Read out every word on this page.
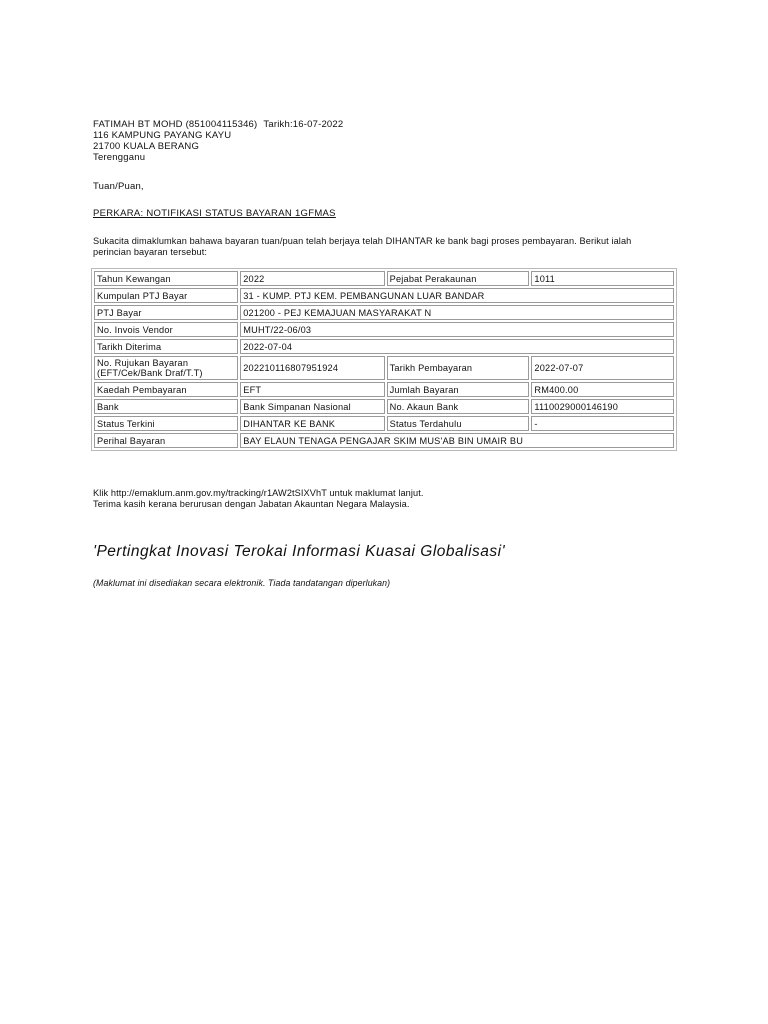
FATIMAH BT MOHD (851004115346) Tarikh:16-07-2022
116 KAMPUNG PAYANG KAYU
21700 KUALA BERANG
Terengganu
Tuan/Puan,
PERKARA: NOTIFIKASI STATUS BAYARAN 1GFMAS
Sukacita dimaklumkan bahawa bayaran tuan/puan telah berjaya telah DIHANTAR ke bank bagi proses pembayaran. Berikut ialah
perincian bayaran tersebut:
Tahun Kewangan	2022	Pejabat Perakaunan	1011
Kumpulan PTJ Bayar	31 - KUMP. PTJ KEM. PEMBANGUNAN LUAR BANDAR		
PTJ Bayar	021200 - PEJ KEMAJUAN MASYARAKAT N		
No. Invois Vendor	MUHT/22-06/03		
Tarikh Diterima	2022-07-04		

No. Rujukan Bayaran
(EFT/Cek/Bank Draf/T.T)	202210116807951924	Tarikh Pembayaran	2022-07-07
Kaedah Pembayaran	EFT	Jumlah Bayaran	RM400.00
Bank	Bank Simpanan Nasional	No. Akaun Bank	1110029000146190
Status Terkini	DIHANTAR KE BANK	Status Terdahulu	-
Perihal Bayaran	BAY ELAUN TENAGA PENGAJAR SKIM MUS'AB BIN UMAIR BU		
Klik http://emaklum.anm.gov.my/tracking/r1AW2tSIXVhT untuk maklumat lanjut.
Terima kasih kerana berurusan dengan Jabatan Akauntan Negara Malaysia.
'Pertingkat Inovasi Terokai Informasi Kuasai Globalisasi'
(Maklumat ini disediakan secara elektronik. Tiada tandatangan diperlukan)
